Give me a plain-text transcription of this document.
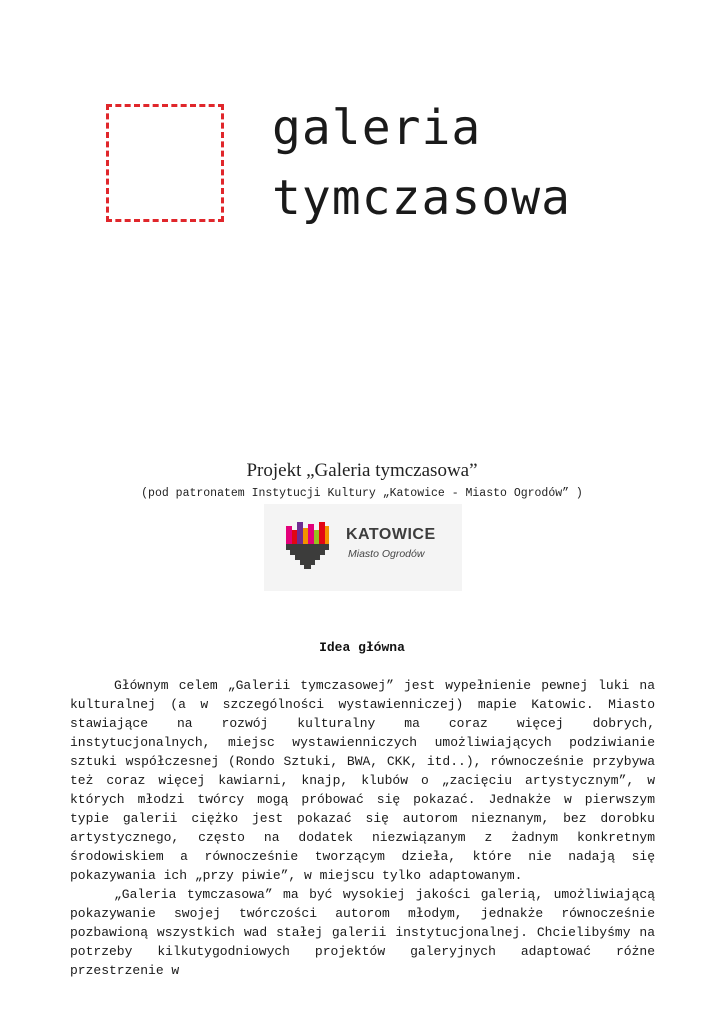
galeria
tymczasowa
Projekt „Galeria tymczasowa”
(pod patronatem Instytucji Kultury „Katowice - Miasto Ogrodów” )
KATOWICE
Miasto Ogrodów
Idea główna

Głównym celem „Galerii tymczasowej” jest wypełnienie pewnej luki na kulturalnej (a w szczególności wystawienniczej) mapie Katowic. Miasto stawiające na rozwój kulturalny ma coraz więcej dobrych, instytucjonalnych, miejsc wystawienniczych umożliwiających podziwianie sztuki współczesnej (Rondo Sztuki, BWA, CKK, itd..), równocześnie przybywa też coraz więcej kawiarni, knajp, klubów o „zacięciu artystycznym”, w których młodzi twórcy mogą próbować się pokazać. Jednakże w pierwszym typie galerii ciężko jest pokazać się autorom nieznanym, bez dorobku artystycznego, często na dodatek niezwiązanym z żadnym konkretnym środowiskiem a równocześnie tworzącym dzieła, które nie nadają się pokazywania ich „przy piwie”, w miejscu tylko adaptowanym.

„Galeria tymczasowa” ma być wysokiej jakości galerią, umożliwiającą pokazywanie swojej twórczości autorom młodym, jednakże równocześnie pozbawioną wszystkich wad stałej galerii instytucjonalnej. Chcielibyśmy na potrzeby kilkutygodniowych projektów galeryjnych adaptować różne przestrzenie w
